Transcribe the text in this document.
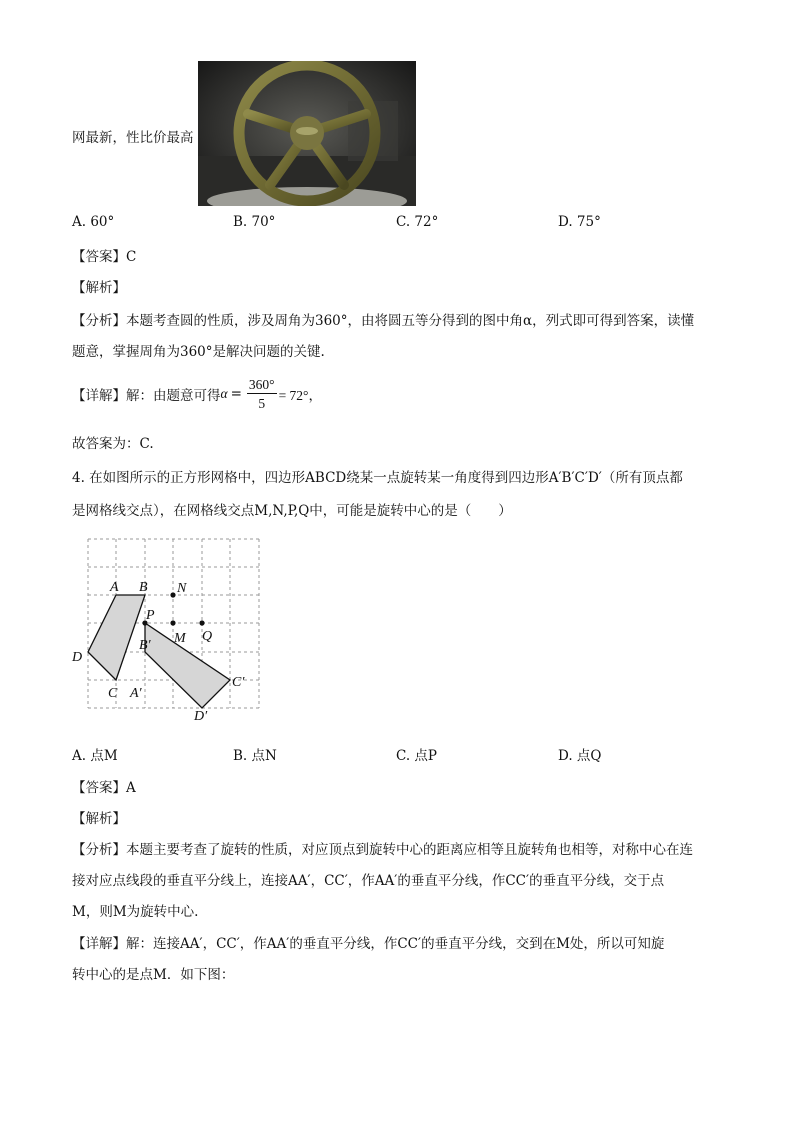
网最新，性比价最高
A. 60°	B. 70°	C. 72°	D. 75°
【答案】C
【解析】
【分析】本题考查圆的性质，涉及周角为360°，由将圆五等分得到的图中角α，列式即可得到答案，读懂
题意，掌握周角为360°是解决问题的关键.
【详解】解：由题意可得 $\alpha = \frac{360^\circ}{5} = 72^\circ$，
故答案为：C.
4. 在如图所示的正方形网格中，四边形ABCD绕某一点旋转某一角度得到四边形A′B′C′D′（所有顶点都
是网格线交点），在网格线交点M,N,P,Q中，可能是旋转中心的是（　　）
A B
C
D
A′
B′
C′
D′
N
P
M Q
A. 点M	B. 点N	C. 点P	D. 点Q
【答案】A
【解析】
【分析】本题主要考查了旋转的性质，对应顶点到旋转中心的距离应相等且旋转角也相等，对称中心在连
接对应点线段的垂直平分线上，连接AA′，CC′，作AA′的垂直平分线，作CC′的垂直平分线，交于点
M，则M为旋转中心.
【详解】解：连接AA′，CC′，作AA′的垂直平分线，作CC′的垂直平分线，交到在M处，所以可知旋
转中心的是点M．如下图：
